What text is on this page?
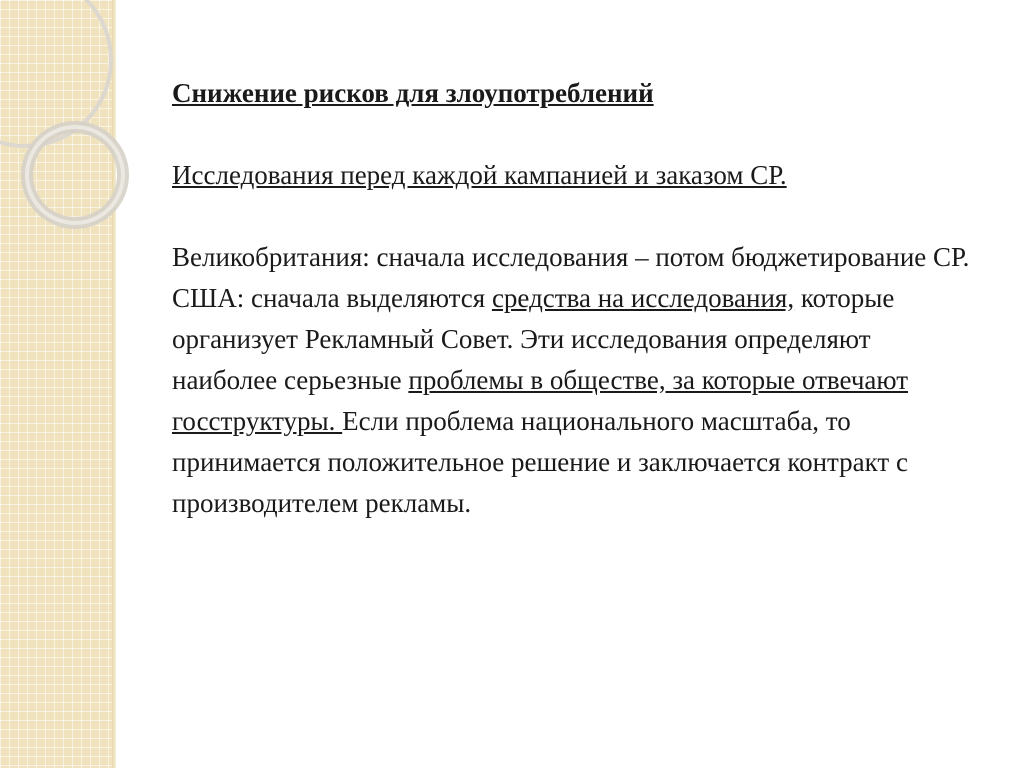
Снижение рисков для злоупотреблений

Исследования перед каждой кампанией и заказом СР.

Великобритания: сначала исследования – потом бюджетирование СР.

США: сначала выделяются средства на исследования, которые организует Рекламный Совет. Эти исследования определяют наиболее серьезные проблемы в обществе, за которые отвечают госструктуры. Если проблема национального масштаба, то принимается положительное решение и заключается контракт с производителем рекламы.
